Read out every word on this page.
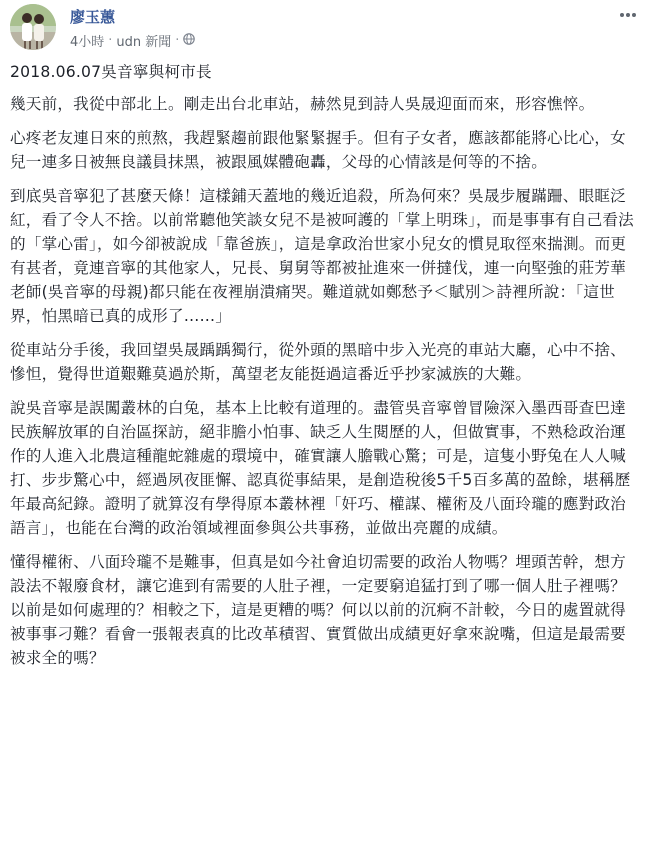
廖玉蕙
4小時 · udn 新聞 ·

2018.06.07吳音寧與柯市長

幾天前，我從中部北上。剛走出台北車站，赫然見到詩人吳晟迎面而來，形容憔悴。

心疼老友連日來的煎熬，我趕緊趨前跟他緊緊握手。但有子女者，應該都能將心比心，女兒一連多日被無良議員抹黑，被跟風媒體砲轟，父母的心情該是何等的不捨。

到底吳音寧犯了甚麼天條！這樣鋪天蓋地的幾近追殺，所為何來？吳晟步履蹣跚、眼眶泛紅，看了令人不捨。以前常聽他笑談女兒不是被呵護的「掌上明珠」，而是事事有自己看法的「掌心雷」，如今卻被說成「靠爸族」，這是拿政治世家小兒女的慣見取徑來揣測。而更有甚者，竟連音寧的其他家人，兄長、舅舅等都被扯進來一併撻伐，連一向堅強的莊芳華老師(吳音寧的母親)都只能在夜裡崩潰痛哭。難道就如鄭愁予＜賦別＞詩裡所說：「這世界，怕黑暗已真的成形了……」

從車站分手後，我回望吳晟踽踽獨行，從外頭的黑暗中步入光亮的車站大廳，心中不捨、慘怛，覺得世道艱難莫過於斯，萬望老友能挺過這番近乎抄家滅族的大難。

說吳音寧是誤闖叢林的白兔，基本上比較有道理的。盡管吳音寧曾冒險深入墨西哥查巴達民族解放軍的自治區探訪，絕非膽小怕事、缺乏人生閱歷的人，但做實事，不熟稔政治運作的人進入北農這種龍蛇雜處的環境中，確實讓人膽戰心驚；可是，這隻小野兔在人人喊打、步步驚心中，經過夙夜匪懈、認真從事結果，是創造稅後5千5百多萬的盈餘，堪稱歷年最高紀錄。證明了就算沒有學得原本叢林裡「奸巧、權謀、權術及八面玲瓏的應對政治語言」，也能在台灣的政治領域裡面參與公共事務，並做出亮麗的成績。

懂得權術、八面玲瓏不是難事，但真是如今社會迫切需要的政治人物嗎？埋頭苦幹，想方設法不報廢食材，讓它進到有需要的人肚子裡，一定要窮追猛打到了哪一個人肚子裡嗎？以前是如何處理的？相較之下，這是更糟的嗎？何以以前的沉痾不計較，今日的處置就得被事事刁難？看會一張報表真的比改革積習、實質做出成績更好拿來說嘴，但這是最需要被求全的嗎？
